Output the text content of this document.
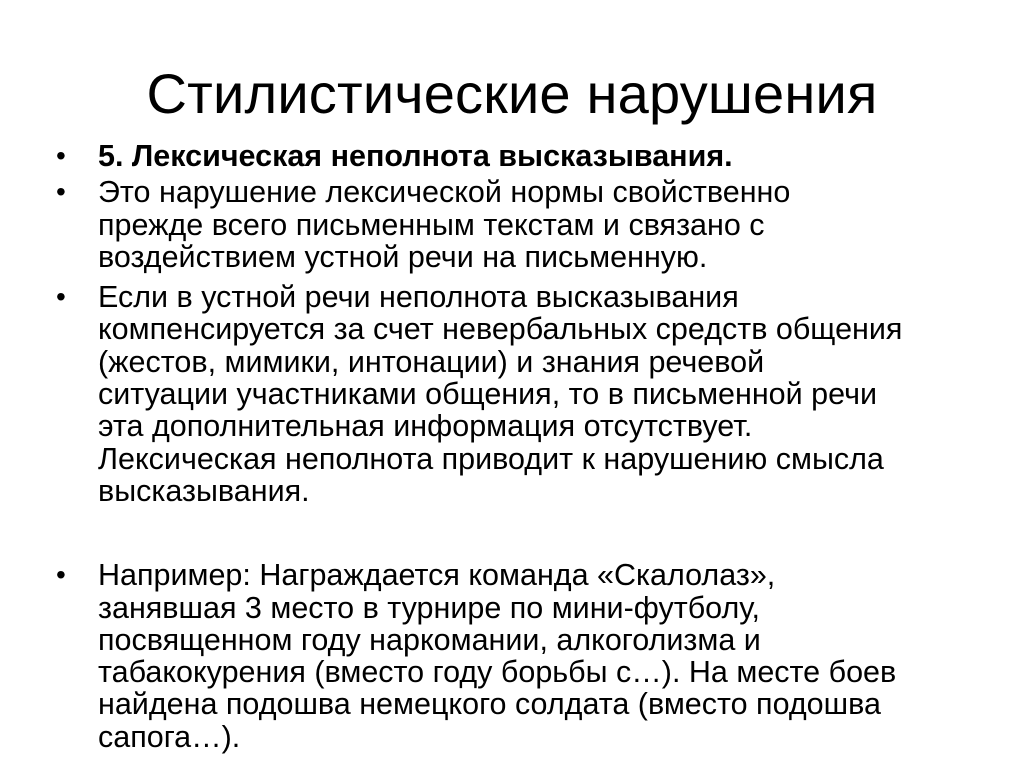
Стилистические нарушения
•	5. Лексическая неполнота высказывания.
•	Это нарушение лексической нормы свойственно
прежде всего письменным текстам и связано с
воздействием устной речи на письменную.
•	Если в устной речи неполнота высказывания
компенсируется за счет невербальных средств общения
(жестов, мимики, интонации) и знания речевой
ситуации участниками общения, то в письменной речи
эта дополнительная информация отсутствует.
Лексическая неполнота приводит к нарушению смысла
высказывания.
•	Например: Награждается команда «Скалолаз»,
занявшая 3 место в турнире по мини-футболу,
посвященном году наркомании, алкоголизма и
табакокурения (вместо году борьбы с…). На месте боев
найдена подошва немецкого солдата (вместо подошва
сапога…).
